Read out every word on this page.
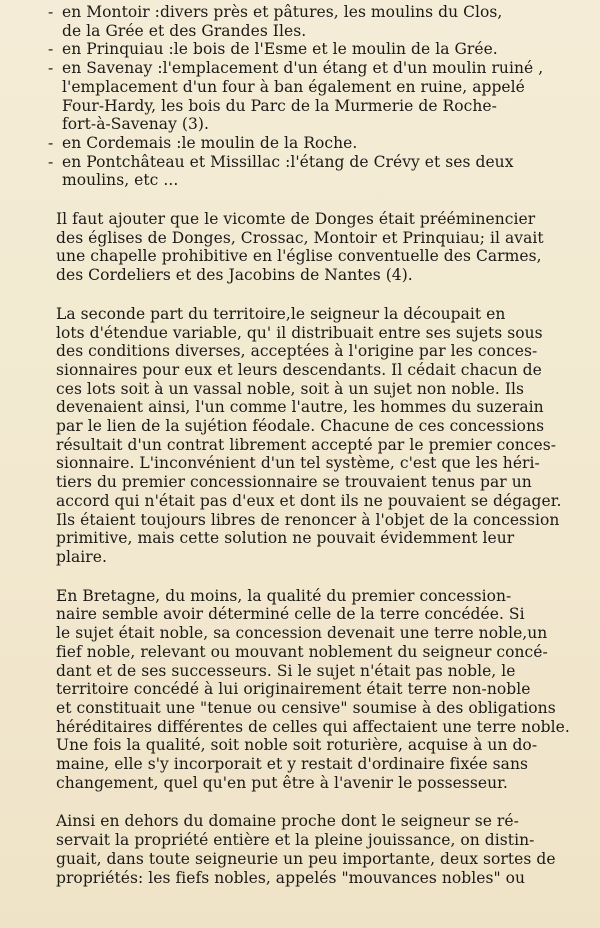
- en Montoir :divers près et pâtures, les moulins du Clos,
de la Grée et des Grandes Iles.
- en Prinquiau :le bois de l'Esme et le moulin de la Grée.
- en Savenay :l'emplacement d'un étang et d'un moulin ruiné ,
l'emplacement d'un four à ban également en ruine, appelé
Four-Hardy, les bois du Parc de la Murmerie de Roche-
fort-à-Savenay (3).
- en Cordemais :le moulin de la Roche.
- en Pontchâteau et Missillac :l'étang de Crévy et ses deux
moulins, etc ...

Il faut ajouter que le vicomte de Donges était prééminencier
des églises de Donges, Crossac, Montoir et Prinquiau; il avait
une chapelle prohibitive en l'église conventuelle des Carmes,
des Cordeliers et des Jacobins de Nantes (4).

La seconde part du territoire,le seigneur la découpait en
lots d'étendue variable, qu' il distribuait entre ses sujets sous
des conditions diverses, acceptées à l'origine par les conces-
sionnaires pour eux et leurs descendants. Il cédait chacun de
ces lots soit à un vassal noble, soit à un sujet non noble. Ils
devenaient ainsi, l'un comme l'autre, les hommes du suzerain
par le lien de la sujétion féodale. Chacune de ces concessions
résultait d'un contrat librement accepté par le premier conces-
sionnaire. L'inconvénient d'un tel système, c'est que les héri-
tiers du premier concessionnaire se trouvaient tenus par un
accord qui n'était pas d'eux et dont ils ne pouvaient se dégager.
Ils étaient toujours libres de renoncer à l'objet de la concession
primitive, mais cette solution ne pouvait évidemment leur
plaire.

En Bretagne, du moins, la qualité du premier concession-
naire semble avoir déterminé celle de la terre concédée. Si
le sujet était noble, sa concession devenait une terre noble,un
fief noble, relevant ou mouvant noblement du seigneur concé-
dant et de ses successeurs. Si le sujet n'était pas noble, le
territoire concédé à lui originairement était terre non-noble
et constituait une "tenue ou censive" soumise à des obligations
héréditaires différentes de celles qui affectaient une terre noble.
Une fois la qualité, soit noble soit roturière, acquise à un do-
maine, elle s'y incorporait et y restait d'ordinaire fixée sans
changement, quel qu'en put être à l'avenir le possesseur.

Ainsi en dehors du domaine proche dont le seigneur se ré-
servait la propriété entière et la pleine jouissance, on distin-
guait, dans toute seigneurie un peu importante, deux sortes de
propriétés: les fiefs nobles, appelés "mouvances nobles" ou
